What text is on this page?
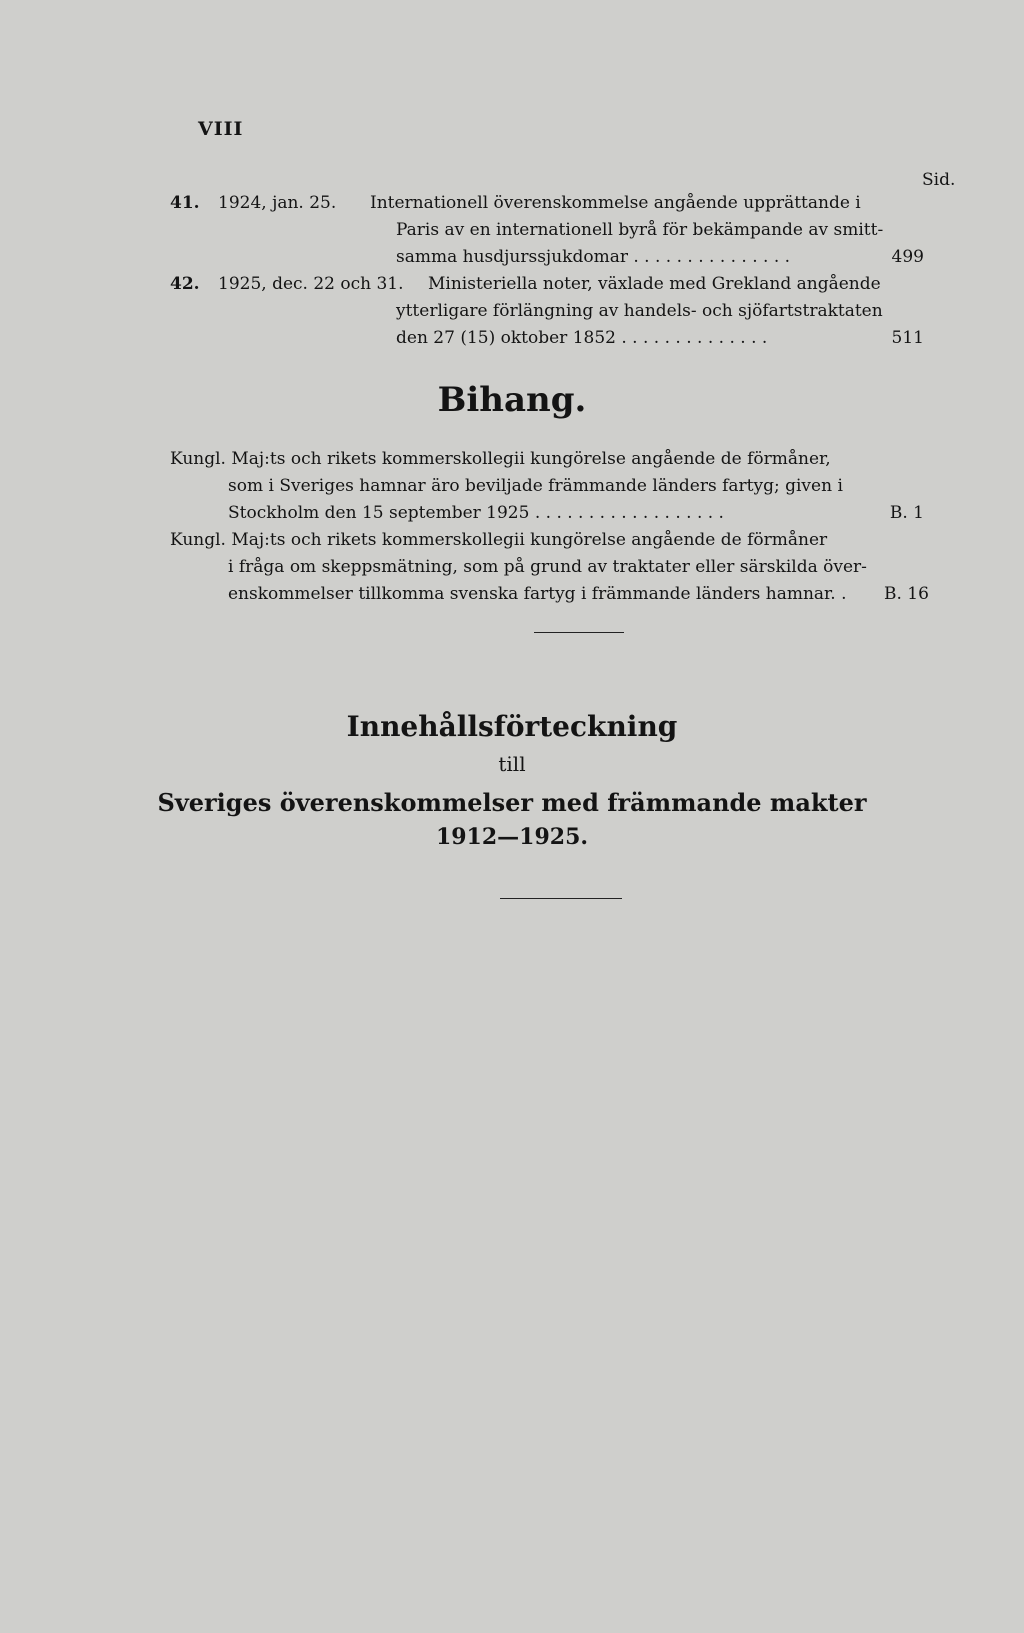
VIII
Sid.
41. 1924, jan. 25. Internationell överenskommelse angående upprättande i
Paris av en internationell byrå för bekämpande av smitt-
samma husdjurssjukdomar . . . . . . . . . . . . . . .	499
42. 1925, dec. 22 och 31. Ministeriella noter, växlade med Grekland angående
ytterligare förlängning av handels- och sjöfartstraktaten
den 27 (15) oktober 1852 . . . . . . . . . . . . . .	511
Bihang.
Kungl. Maj:ts och rikets kommerskollegii kungörelse angående de förmåner,
som i Sveriges hamnar äro beviljade främmande länders fartyg; given i
Stockholm den 15 september 1925 . . . . . . . . . . . . . . . . . .	B. 1
Kungl. Maj:ts och rikets kommerskollegii kungörelse angående de förmåner
i fråga om skeppsmätning, som på grund av traktater eller särskilda över-
enskommelser tillkomma svenska fartyg i främmande länders hamnar. . B. 16
Innehållsförteckning
till
Sveriges överenskommelser med främmande makter
1912—1925.
